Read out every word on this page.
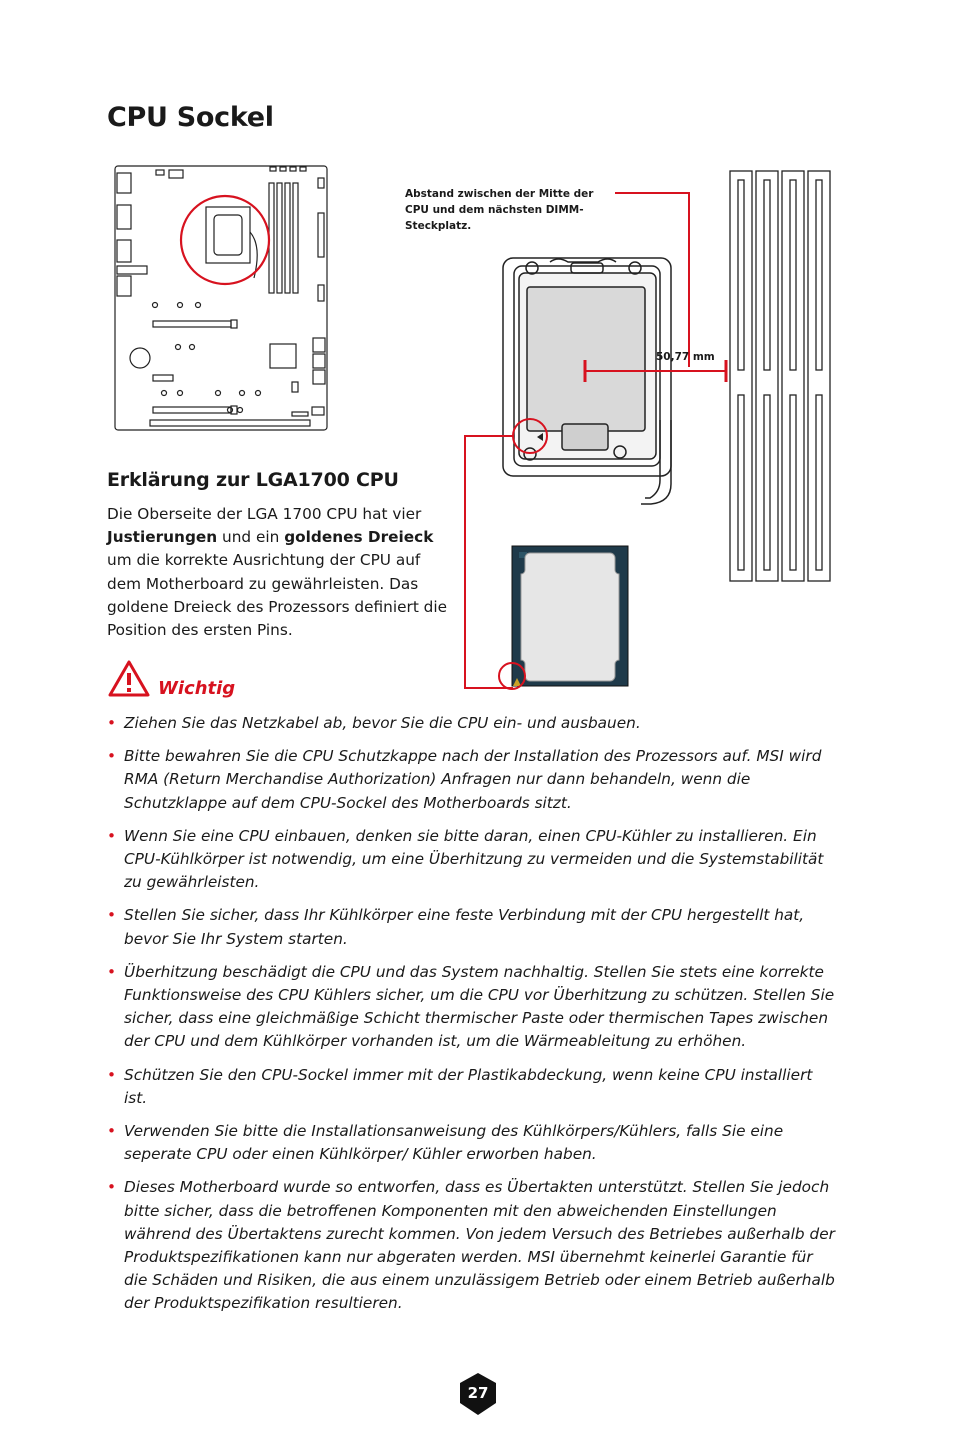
CPU Sockel
Abstand zwischen der Mitte der
CPU und dem nächsten DIMM-
Steckplatz.
50,77 mm
Erklärung zur LGA1700 CPU

Die Oberseite der LGA 1700 CPU hat vier Justierungen und ein goldenes Dreieck um die korrekte Ausrichtung der CPU auf dem Motherboard zu gewährleisten. Das goldene Dreieck des Prozessors definiert die Position des ersten Pins.

Wichtig
• Ziehen Sie das Netzkabel ab, bevor Sie die CPU ein- und ausbauen.
• Bitte bewahren Sie die CPU Schutzkappe nach der Installation des Prozessors auf. MSI wird RMA (Return Merchandise Authorization) Anfragen nur dann behandeln, wenn die Schutzklappe auf dem CPU-Sockel des Motherboards sitzt.
• Wenn Sie eine CPU einbauen, denken sie bitte daran, einen CPU-Kühler zu installieren. Ein CPU-Kühlkörper ist notwendig, um eine Überhitzung zu vermeiden und die Systemstabilität zu gewährleisten.
• Stellen Sie sicher, dass Ihr Kühlkörper eine feste Verbindung mit der CPU hergestellt hat, bevor Sie Ihr System starten.
• Überhitzung beschädigt die CPU und das System nachhaltig. Stellen Sie stets eine korrekte Funktionsweise des CPU Kühlers sicher, um die CPU vor Überhitzung zu schützen. Stellen Sie sicher, dass eine gleichmäßige Schicht thermischer Paste oder thermischen Tapes zwischen der CPU und dem Kühlkörper vorhanden ist, um die Wärmeableitung zu erhöhen.
• Schützen Sie den CPU-Sockel immer mit der Plastikabdeckung, wenn keine CPU installiert ist.
• Verwenden Sie bitte die Installationsanweisung des Kühlkörpers/Kühlers, falls Sie eine seperate CPU oder einen Kühlkörper/ Kühler erworben haben.
• Dieses Motherboard wurde so entworfen, dass es Übertakten unterstützt. Stellen Sie jedoch bitte sicher, dass die betroffenen Komponenten mit den abweichenden Einstellungen während des Übertaktens zurecht kommen. Von jedem Versuch des Betriebes außerhalb der Produktspezifikationen kann nur abgeraten werden. MSI übernehmt keinerlei Garantie für die Schäden und Risiken, die aus einem unzulässigem Betrieb oder einem Betrieb außerhalb der Produktspezifikation resultieren.
27
